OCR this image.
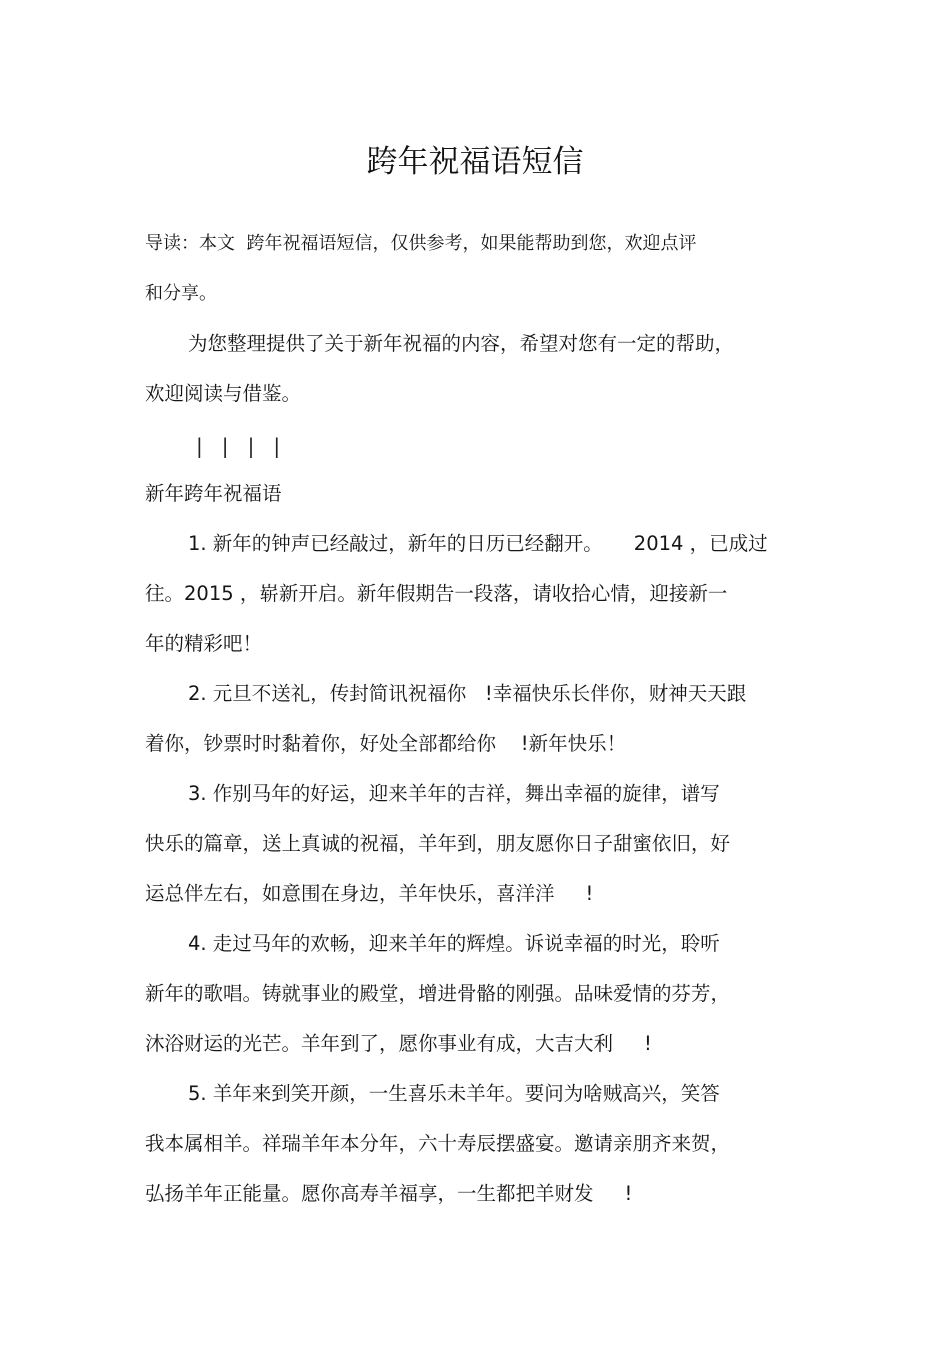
跨年祝福语短信
导读：本文  跨年祝福语短信，仅供参考，如果能帮助到您，欢迎点评
和分享。
为您整理提供了关于新年祝福的内容，希望对您有一定的帮助，
欢迎阅读与借鉴。
|   |   |   |
新年跨年祝福语
1. 新年的钟声已经敲过，新年的日历已经翻开。     2014 ，已成过
往。2015 ，崭新开启。新年假期告一段落，请收拾心情，迎接新一
年的精彩吧！
2. 元旦不送礼，传封简讯祝福你   !幸福快乐长伴你，财神天天跟
着你，钞票时时黏着你，好处全部都给你    !新年快乐！
3. 作别马年的好运，迎来羊年的吉祥，舞出幸福的旋律，谱写
快乐的篇章，送上真诚的祝福，羊年到，朋友愿你日子甜蜜依旧，好
运总伴左右，如意围在身边，羊年快乐，喜洋洋     !
4. 走过马年的欢畅，迎来羊年的辉煌。诉说幸福的时光，聆听
新年的歌唱。铸就事业的殿堂，增进骨骼的刚强。品味爱情的芬芳，
沐浴财运的光芒。羊年到了，愿你事业有成，大吉大利     !
5. 羊年来到笑开颜，一生喜乐未羊年。要问为啥贼高兴，笑答
我本属相羊。祥瑞羊年本分年，六十寿辰摆盛宴。邀请亲朋齐来贺，
弘扬羊年正能量。愿你高寿羊福享，一生都把羊财发     !
